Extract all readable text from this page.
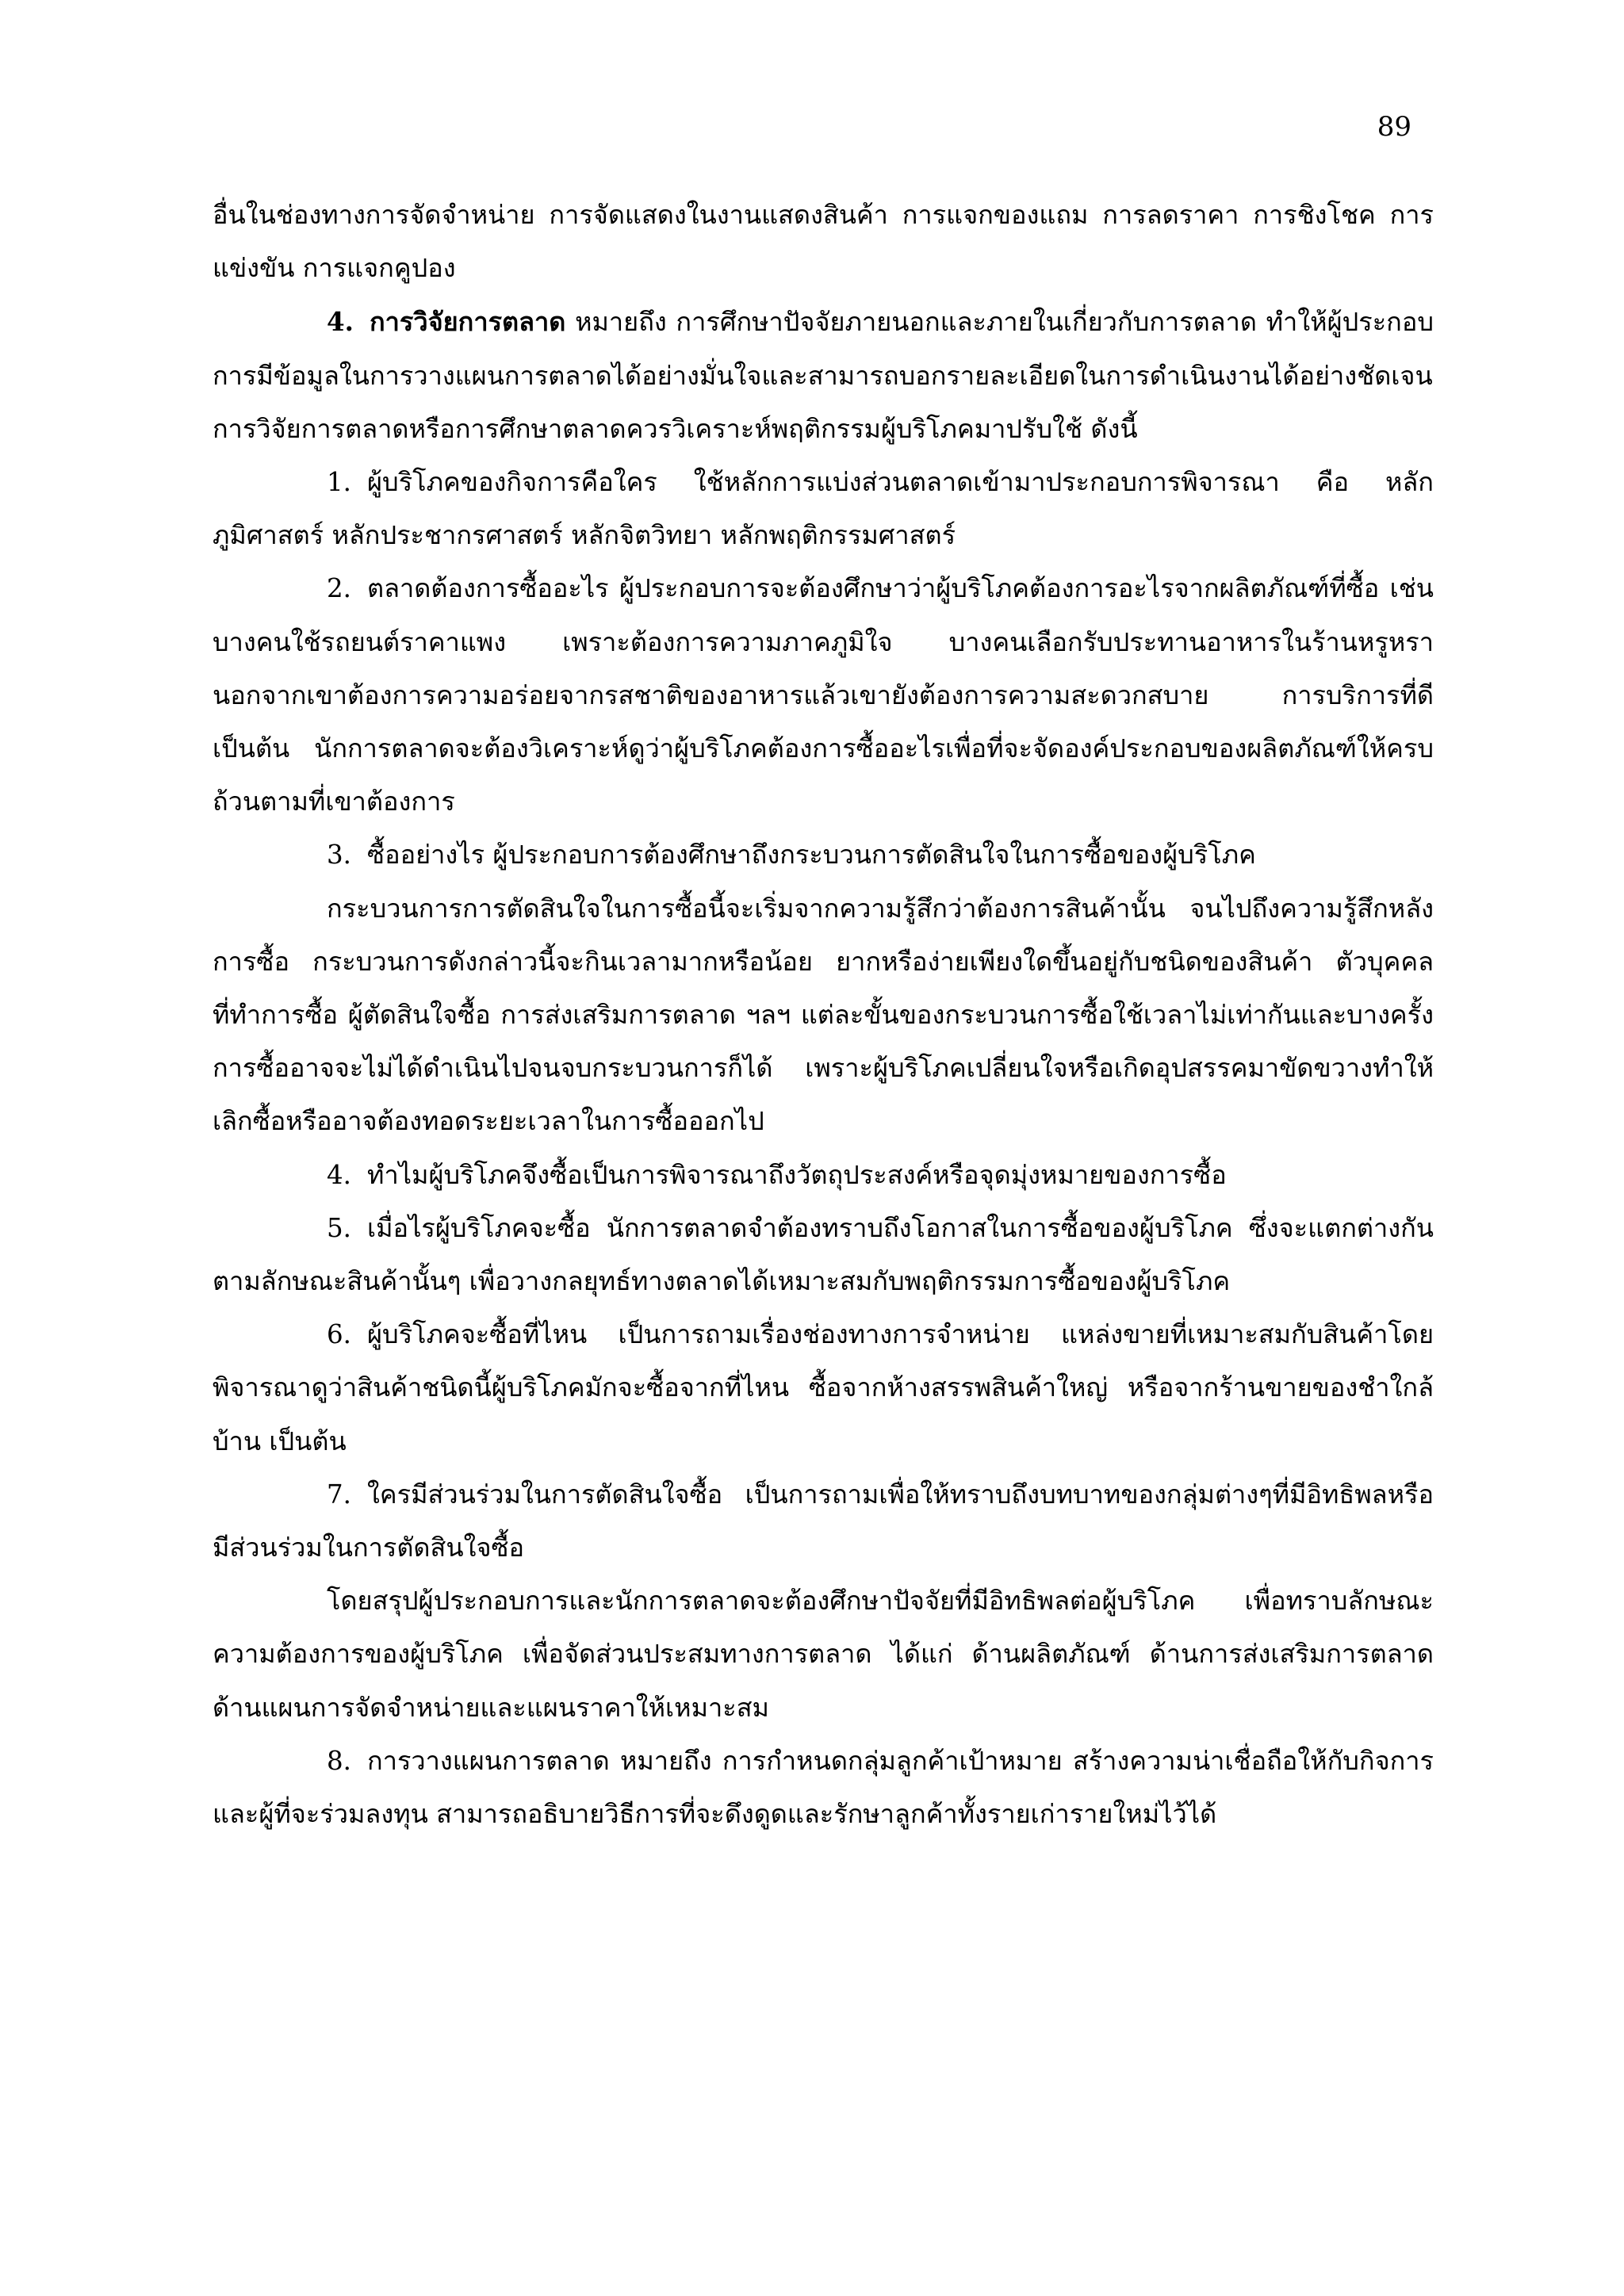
89

อื่นในช่องทางการจัดจำหน่าย การจัดแสดงในงานแสดงสินค้า การแจกของแถม การลดราคา การชิงโชค การแข่งขัน การแจกคูปอง

4. การวิจัยการตลาด หมายถึง การศึกษาปัจจัยภายนอกและภายในเกี่ยวกับการตลาด ทำให้ผู้ประกอบการมีข้อมูลในการวางแผนการตลาดได้อย่างมั่นใจและสามารถบอกรายละเอียดในการดำเนินงานได้อย่างชัดเจน การวิจัยการตลาดหรือการศึกษาตลาดควรวิเคราะห์พฤติกรรมผู้บริโภคมาปรับใช้ ดังนี้

1. ผู้บริโภคของกิจการคือใคร ใช้หลักการแบ่งส่วนตลาดเข้ามาประกอบการพิจารณา คือ หลักภูมิศาสตร์ หลักประชากรศาสตร์ หลักจิตวิทยา หลักพฤติกรรมศาสตร์

2. ตลาดต้องการซื้ออะไร ผู้ประกอบการจะต้องศึกษาว่าผู้บริโภคต้องการอะไรจากผลิตภัณฑ์ที่ซื้อ เช่น บางคนใช้รถยนต์ราคาแพง เพราะต้องการความภาคภูมิใจ บางคนเลือกรับประทานอาหารในร้านหรูหรา นอกจากเขาต้องการความอร่อยจากรสชาติของอาหารแล้วเขายังต้องการความสะดวกสบาย การบริการที่ดี เป็นต้น นักการตลาดจะต้องวิเคราะห์ดูว่าผู้บริโภคต้องการซื้ออะไรเพื่อที่จะจัดองค์ประกอบของผลิตภัณฑ์ให้ครบถ้วนตามที่เขาต้องการ

3. ซื้ออย่างไร ผู้ประกอบการต้องศึกษาถึงกระบวนการตัดสินใจในการซื้อของผู้บริโภค

กระบวนการการตัดสินใจในการซื้อนี้จะเริ่มจากความรู้สึกว่าต้องการสินค้านั้น จนไปถึงความรู้สึกหลังการซื้อ กระบวนการดังกล่าวนี้จะกินเวลามากหรือน้อย ยากหรือง่ายเพียงใดขึ้นอยู่กับชนิดของสินค้า ตัวบุคคลที่ทำการซื้อ ผู้ตัดสินใจซื้อ การส่งเสริมการตลาด ฯลฯ แต่ละขั้นของกระบวนการซื้อใช้เวลาไม่เท่ากันและบางครั้งการซื้ออาจจะไม่ได้ดำเนินไปจนจบกระบวนการก็ได้ เพราะผู้บริโภคเปลี่ยนใจหรือเกิดอุปสรรคมาขัดขวางทำให้เลิกซื้อหรืออาจต้องทอดระยะเวลาในการซื้อออกไป

4. ทำไมผู้บริโภคจึงซื้อเป็นการพิจารณาถึงวัตถุประสงค์หรือจุดมุ่งหมายของการซื้อ

5. เมื่อไรผู้บริโภคจะซื้อ นักการตลาดจำต้องทราบถึงโอกาสในการซื้อของผู้บริโภค ซึ่งจะแตกต่างกันตามลักษณะสินค้านั้นๆ เพื่อวางกลยุทธ์ทางตลาดได้เหมาะสมกับพฤติกรรมการซื้อของผู้บริโภค

6. ผู้บริโภคจะซื้อที่ไหน เป็นการถามเรื่องช่องทางการจำหน่าย แหล่งขายที่เหมาะสมกับสินค้าโดยพิจารณาดูว่าสินค้าชนิดนี้ผู้บริโภคมักจะซื้อจากที่ไหน ซื้อจากห้างสรรพสินค้าใหญ่ หรือจากร้านขายของชำใกล้บ้าน เป็นต้น

7. ใครมีส่วนร่วมในการตัดสินใจซื้อ เป็นการถามเพื่อให้ทราบถึงบทบาทของกลุ่มต่างๆที่มีอิทธิพลหรือมีส่วนร่วมในการตัดสินใจซื้อ

โดยสรุปผู้ประกอบการและนักการตลาดจะต้องศึกษาปัจจัยที่มีอิทธิพลต่อผู้บริโภค เพื่อทราบลักษณะความต้องการของผู้บริโภค เพื่อจัดส่วนประสมทางการตลาด ได้แก่ ด้านผลิตภัณฑ์ ด้านการส่งเสริมการตลาด ด้านแผนการจัดจำหน่ายและแผนราคาให้เหมาะสม

8. การวางแผนการตลาด หมายถึง การกำหนดกลุ่มลูกค้าเป้าหมาย สร้างความน่าเชื่อถือให้กับกิจการและผู้ที่จะร่วมลงทุน สามารถอธิบายวิธีการที่จะดึงดูดและรักษาลูกค้าทั้งรายเก่ารายใหม่ไว้ได้
